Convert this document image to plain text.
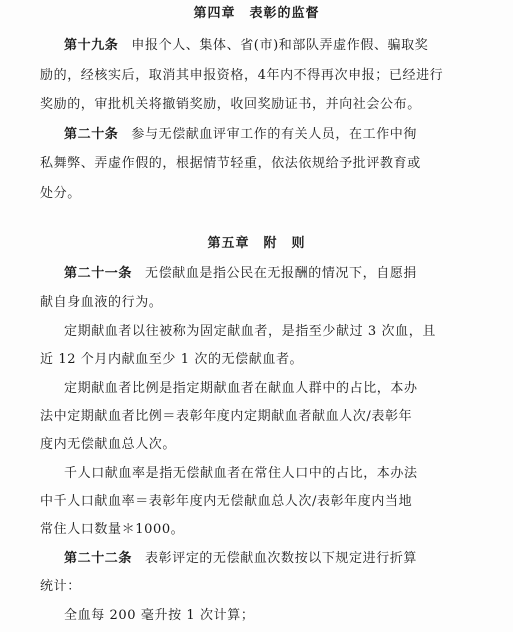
第四章　表彰的监督
第十九条 申报个人、集体、省(市)和部队弄虚作假、骗取奖
励的，经核实后，取消其申报资格，4年内不得再次申报；已经进行
奖励的，审批机关将撤销奖励，收回奖励证书，并向社会公布。
第二十条 参与无偿献血评审工作的有关人员，在工作中徇
私舞弊、弄虚作假的，根据情节轻重，依法依规给予批评教育或
处分。
第五章　附　则
第二十一条 无偿献血是指公民在无报酬的情况下，自愿捐
献自身血液的行为。
定期献血者以往被称为固定献血者，是指至少献过 3 次血，且
近 12 个月内献血至少 1 次的无偿献血者。
定期献血者比例是指定期献血者在献血人群中的占比，本办
法中定期献血者比例＝表彰年度内定期献血者献血人次/表彰年
度内无偿献血总人次。
千人口献血率是指无偿献血者在常住人口中的占比，本办法
中千人口献血率＝表彰年度内无偿献血总人次/表彰年度内当地
常住人口数量＊1000。
第二十二条 表彰评定的无偿献血次数按以下规定进行折算
统计：
全血每 200 毫升按 1 次计算；
